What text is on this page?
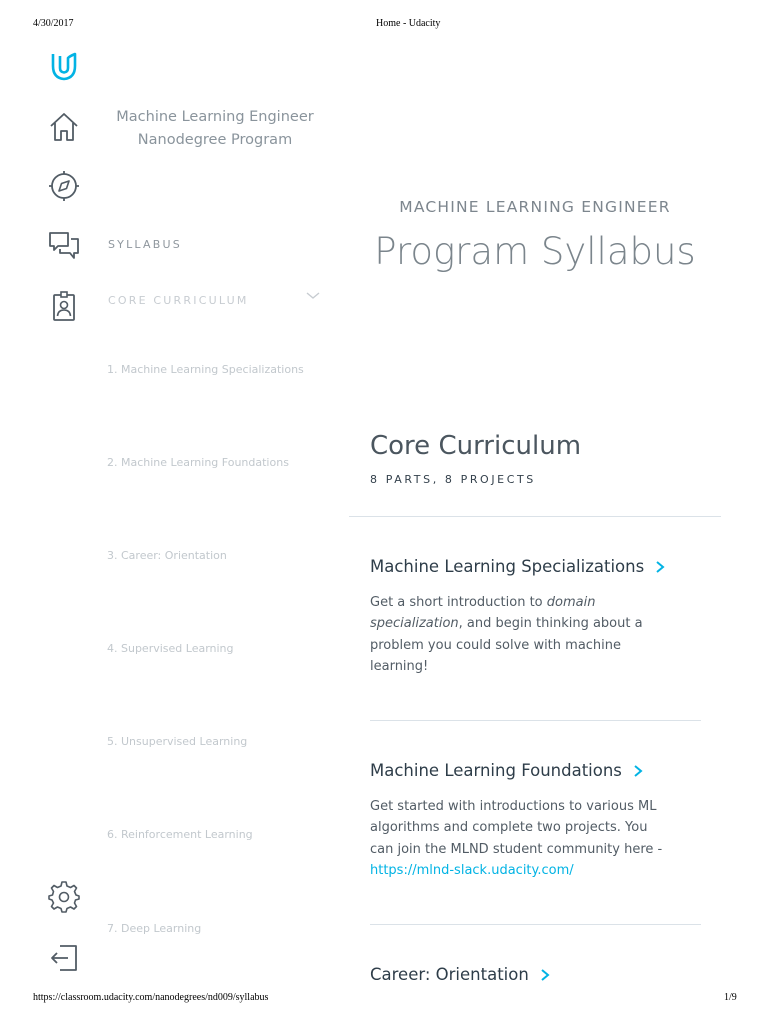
4/30/2017	Home - Udacity
https://classroom.udacity.com/nanodegrees/nd009/syllabus	1/9
Machine Learning Engineer
Nanodegree Program
SYLLABUS
CORE CURRICULUM
1. Machine Learning Specializations
2. Machine Learning Foundations
3. Career: Orientation
4. Supervised Learning
5. Unsupervised Learning
6. Reinforcement Learning
7. Deep Learning
MACHINE LEARNING ENGINEER
Program Syllabus
Core Curriculum
8 PARTS, 8 PROJECTS
Machine Learning Specializations
Get a short introduction to domain specialization, and begin thinking about a problem you could solve with machine learning!
Machine Learning Foundations
Get started with introductions to various ML algorithms and complete two projects. You can join the MLND student community here - https://mlnd-slack.udacity.com/
Career: Orientation
